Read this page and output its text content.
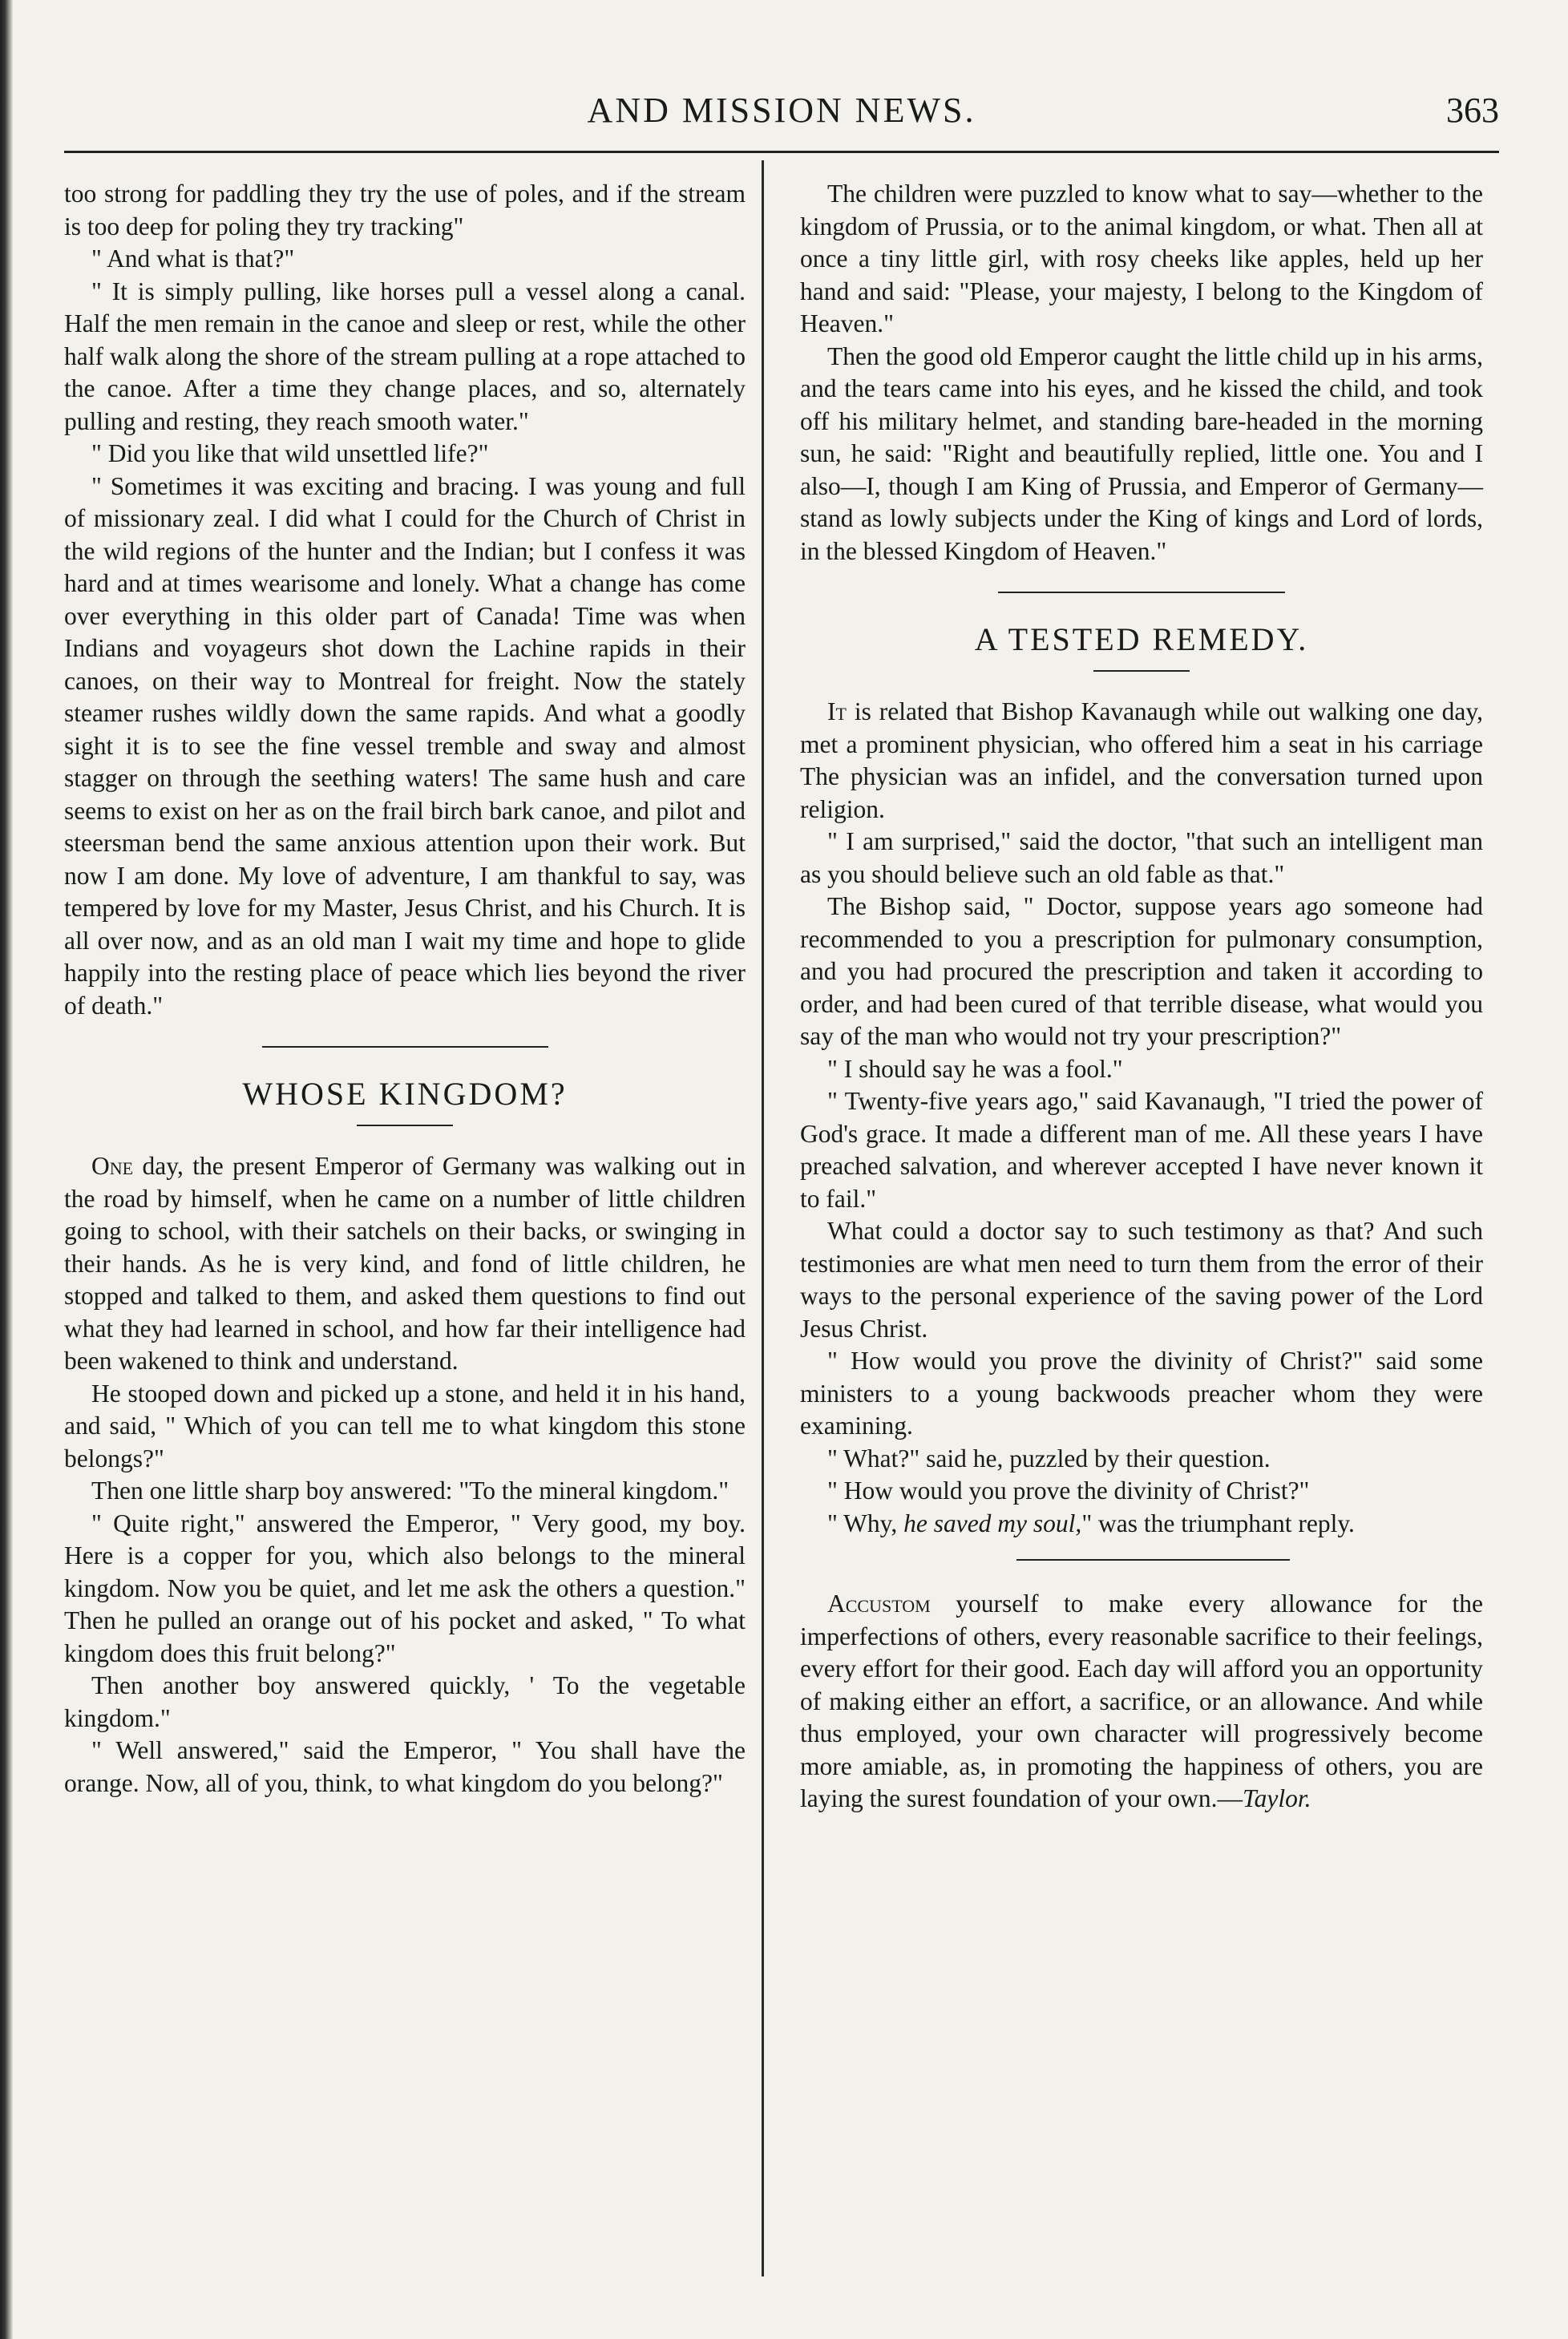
AND MISSION NEWS.	363

too strong for paddling they try the use of poles, and if the stream is too deep for poling they try tracking"

" And what is that?"

" It is simply pulling, like horses pull a vessel along a canal. Half the men remain in the canoe and sleep or rest, while the other half walk along the shore of the stream pulling at a rope attached to the canoe. After a time they change places, and so, alternately pulling and resting, they reach smooth water."

" Did you like that wild unsettled life?"

" Sometimes it was exciting and bracing. I was young and full of missionary zeal. I did what I could for the Church of Christ in the wild regions of the hunter and the Indian; but I confess it was hard and at times wearisome and lonely. What a change has come over everything in this older part of Canada! Time was when Indians and voyageurs shot down the Lachine rapids in their canoes, on their way to Montreal for freight. Now the stately steamer rushes wildly down the same rapids. And what a goodly sight it is to see the fine vessel tremble and sway and almost stagger on through the seething waters! The same hush and care seems to exist on her as on the frail birch bark canoe, and pilot and steersman bend the same anxious attention upon their work. But now I am done. My love of adventure, I am thankful to say, was tempered by love for my Master, Jesus Christ, and his Church. It is all over now, and as an old man I wait my time and hope to glide happily into the resting place of peace which lies beyond the river of death."

WHOSE KINGDOM?

One day, the present Emperor of Germany was walking out in the road by himself, when he came on a number of little children going to school, with their satchels on their backs, or swinging in their hands. As he is very kind, and fond of little children, he stopped and talked to them, and asked them questions to find out what they had learned in school, and how far their intelligence had been wakened to think and understand.

He stooped down and picked up a stone, and held it in his hand, and said, " Which of you can tell me to what kingdom this stone belongs?"

Then one little sharp boy answered: "To the mineral kingdom."

" Quite right," answered the Emperor, " Very good, my boy. Here is a copper for you, which also belongs to the mineral kingdom. Now you be quiet, and let me ask the others a question." Then he pulled an orange out of his pocket and asked, " To what kingdom does this fruit belong?"

Then another boy answered quickly, ' To the vegetable kingdom."

" Well answered," said the Emperor, " You shall have the orange. Now, all of you, think, to what kingdom do you belong?"

The children were puzzled to know what to say—whether to the kingdom of Prussia, or to the animal kingdom, or what. Then all at once a tiny little girl, with rosy cheeks like apples, held up her hand and said: "Please, your majesty, I belong to the Kingdom of Heaven."

Then the good old Emperor caught the little child up in his arms, and the tears came into his eyes, and he kissed the child, and took off his military helmet, and standing bare-headed in the morning sun, he said: "Right and beautifully replied, little one. You and I also—I, though I am King of Prussia, and Emperor of Germany—stand as lowly subjects under the King of kings and Lord of lords, in the blessed Kingdom of Heaven."

A TESTED REMEDY.

It is related that Bishop Kavanaugh while out walking one day, met a prominent physician, who offered him a seat in his carriage The physician was an infidel, and the conversation turned upon religion.

" I am surprised," said the doctor, "that such an intelligent man as you should believe such an old fable as that."

The Bishop said, " Doctor, suppose years ago someone had recommended to you a prescription for pulmonary consumption, and you had procured the prescription and taken it according to order, and had been cured of that terrible disease, what would you say of the man who would not try your prescription?"

" I should say he was a fool."

" Twenty-five years ago," said Kavanaugh, "I tried the power of God's grace. It made a different man of me. All these years I have preached salvation, and wherever accepted I have never known it to fail."

What could a doctor say to such testimony as that? And such testimonies are what men need to turn them from the error of their ways to the personal experience of the saving power of the Lord Jesus Christ.

" How would you prove the divinity of Christ?" said some ministers to a young backwoods preacher whom they were examining.

" What?" said he, puzzled by their question.

" How would you prove the divinity of Christ?"

" Why, he saved my soul," was the triumphant reply.

Accustom yourself to make every allowance for the imperfections of others, every reasonable sacrifice to their feelings, every effort for their good. Each day will afford you an opportunity of making either an effort, a sacrifice, or an allowance. And while thus employed, your own character will progressively become more amiable, as, in promoting the happiness of others, you are laying the surest foundation of your own.—Taylor.
